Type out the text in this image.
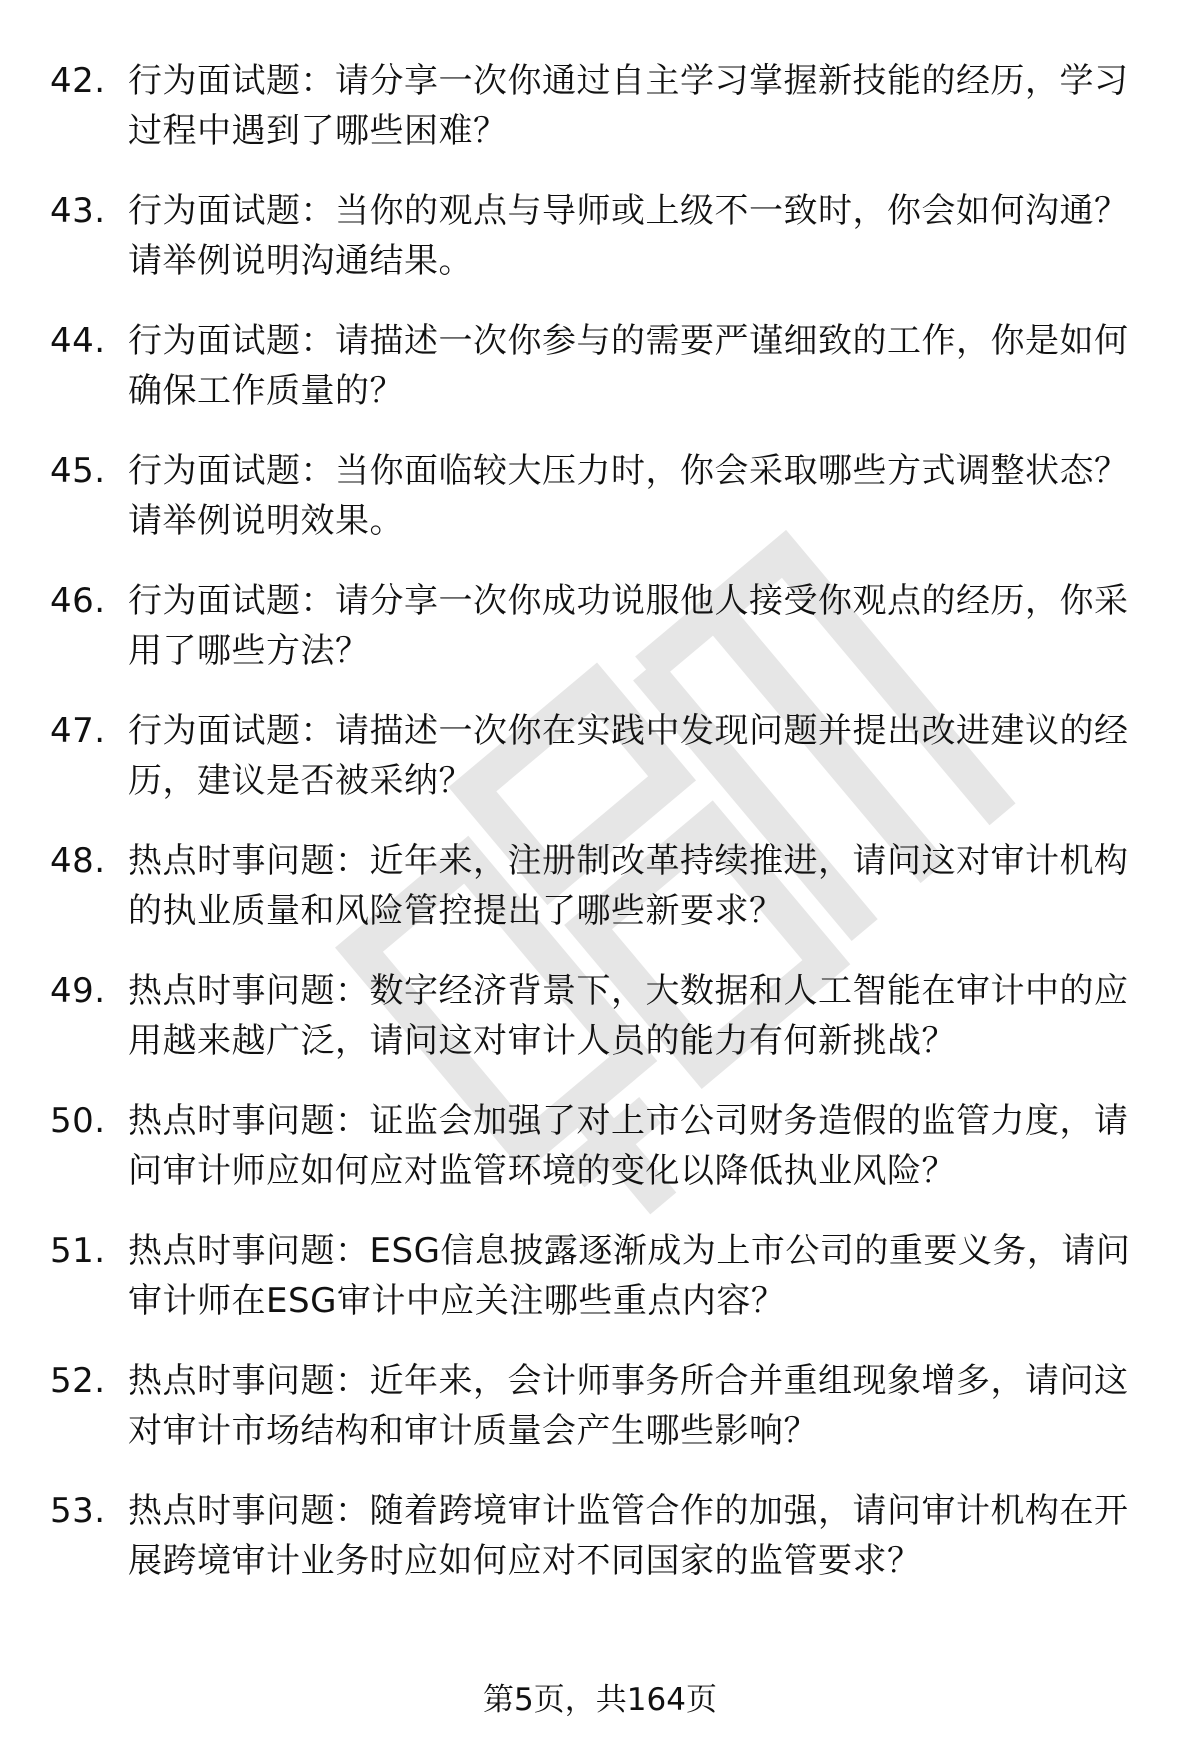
42. 行为面试题：请分享一次你通过自主学习掌握新技能的经历，学习过程中遇到了哪些困难？
43. 行为面试题：当你的观点与导师或上级不一致时，你会如何沟通？请举例说明沟通结果。
44. 行为面试题：请描述一次你参与的需要严谨细致的工作，你是如何确保工作质量的？
45. 行为面试题：当你面临较大压力时，你会采取哪些方式调整状态？请举例说明效果。
46. 行为面试题：请分享一次你成功说服他人接受你观点的经历，你采用了哪些方法？
47. 行为面试题：请描述一次你在实践中发现问题并提出改进建议的经历，建议是否被采纳？
48. 热点时事问题：近年来，注册制改革持续推进，请问这对审计机构的执业质量和风险管控提出了哪些新要求？
49. 热点时事问题：数字经济背景下，大数据和人工智能在审计中的应用越来越广泛，请问这对审计人员的能力有何新挑战？
50. 热点时事问题：证监会加强了对上市公司财务造假的监管力度，请问审计师应如何应对监管环境的变化以降低执业风险？
51. 热点时事问题：ESG信息披露逐渐成为上市公司的重要义务，请问审计师在ESG审计中应关注哪些重点内容？
52. 热点时事问题：近年来，会计师事务所合并重组现象增多，请问这对审计市场结构和审计质量会产生哪些影响？
53. 热点时事问题：随着跨境审计监管合作的加强，请问审计机构在开展跨境审计业务时应如何应对不同国家的监管要求？
第5页，共164页
